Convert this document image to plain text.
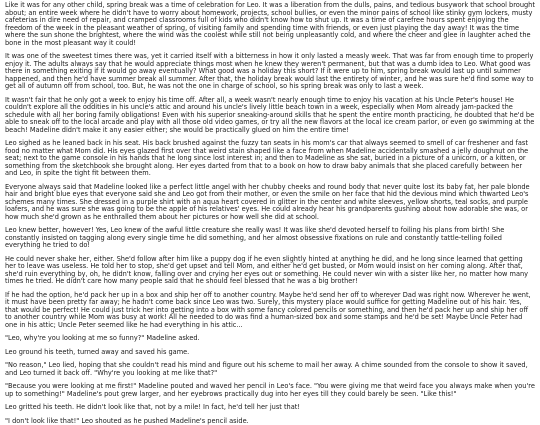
Like it was for any other child, spring break was a time of celebration for Leo. It was a liberation from the dulls, pains, and tedious busywork that school brought about; an entire week where he didn't have to worry about homework, projects, school bullies, or even the minor pains of school like stinky gym lockers, musty cafeterias in dire need of repair, and cramped classrooms full of kids who didn't know how to shut up. It was a time of carefree hours spent enjoying the freedom of the week in the pleasant weather of spring, of visiting family and spending time with friends, or even just playing the day away! It was the time where the sun shone the brightest, where the wind was the coolest while still not being unpleasantly cold, and where the cheer and glee in laughter ached the bone in the most pleasant way it could!

It was one of the sweetest times there was, yet it carried itself with a bitterness in how it only lasted a measly week. That was far from enough time to properly enjoy it. The adults always say that he would appreciate things most when he knew they weren't permanent, but that was a dumb idea to Leo. What good was there in something exiting if it would go away eventually? What good was a holiday this short? If it were up to him, spring break would last up until summer happened, and then he'd have summer break all summer. After that, the holiday break would last the entirety of winter, and he was sure he'd find some way to get all of autumn off from school, too. But, he was not the one in charge of school, so his spring break was only to last a week.

It wasn't fair that he only got a week to enjoy his time off. After all, a week wasn't nearly enough time to enjoy his vacation at his Uncle Peter's house! He couldn't explore all the oddities in his uncle's attic and around his uncle's lively little beach town in a week, especially when Mom already jam-packed the schedule with all her boring family obligations! Even with his superior sneaking-around skills that he spent the entire month practicing, he doubted that he'd be able to sneak off to the local arcade and play with all those old video games, or try all the new flavors at the local ice cream parlor, or even go swimming at the beach! Madeline didn't make it any easier either; she would be practically glued on him the entire time!

Leo sighed as he leaned back in his seat. His back brushed against the fuzzy tan seats in his mom's car that always seemed to smell of car freshener and fast food no matter what Mom did. His eyes glazed first over that weird stain shaped like a face from when Madeline accidentally smashed a jelly doughnut on the seat; next to the game console in his hands that he long since lost interest in; and then to Madeline as she sat, buried in a picture of a unicorn, or a kitten, or something from the sketchbook she brought along. Her eyes darted from that to a book on how to draw baby animals that she placed carefully between her and Leo, in spite the tight fit between them.

Everyone always said that Madeline looked like a perfect little angel with her chubby cheeks and round body that never quite lost its baby fat, her pale blonde hair and bright blue eyes that everyone said she and Leo got from their mother, or even the smile on her face that hid the devious mind which thwarted Leo's schemes many times. She dressed in a purple shirt with an aqua heart covered in glitter in the center and white sleeves, yellow shorts, teal socks, and purple loafers, and he was sure she was going to be the apple of his relatives' eyes. He could already hear his grandparents gushing about how adorable she was, or how much she'd grown as he enthralled them about her pictures or how well she did at school.

Leo knew better, however! Yes, Leo knew of the awful little creature she really was! It was like she'd devoted herself to foiling his plans from birth! She constantly insisted on tagging along every single time he did something, and her almost obsessive fixations on rule and constantly tattle-telling foiled everything he tried to do!

He could never shake her, either. She'd follow after him like a puppy dog if he even slightly hinted at anything he did, and he long since learned that getting her to leave was useless. He told her to stop, she'd get upset and tell Mom, and either he'd get busted, or Mom would insist on her coming along. After that, she'd ruin everything by, oh, he didn't know, falling over and crying her eyes out or something. He could never win with a sister like her, no matter how many times he tried. He didn't care how many people said that he should feel blessed that he was a big brother!

If he had the option, he'd pack her up in a box and ship her off to another country. Maybe he'd send her off to wherever Dad was right now. Wherever he went, it must have been pretty far away; he hadn't come back since Leo was two. Surely, this mystery place would suffice for getting Madeline out of his hair. Yes, that would be perfect! He could just trick her into getting into a box with some fancy colored pencils or something, and then he'd pack her up and ship her off to another country while Mom was busy at work! All he needed to do was find a human-sized box and some stamps and he'd be set! Maybe Uncle Peter had one in his attic; Uncle Peter seemed like he had everything in his attic...

"Leo, why're you looking at me so funny?" Madeline asked.

Leo ground his teeth, turned away and saved his game.

"No reason," Leo lied, hoping that she couldn't read his mind and figure out his scheme to mail her away. A chime sounded from the console to show it saved, and Leo turned it back off. "Why're you looking at me like that?"

"Because you were looking at me first!" Madeline pouted and waved her pencil in Leo's face. "You were giving me that weird face you always make when you're up to something!" Madeline's pout grew larger, and her eyebrows practically dug into her eyes till they could barely be seen. "Like this!"

Leo gritted his teeth. He didn't look like that, not by a mile! In fact, he'd tell her just that!

"I don't look like that!" Leo shouted as he pushed Madeline's pencil aside.
